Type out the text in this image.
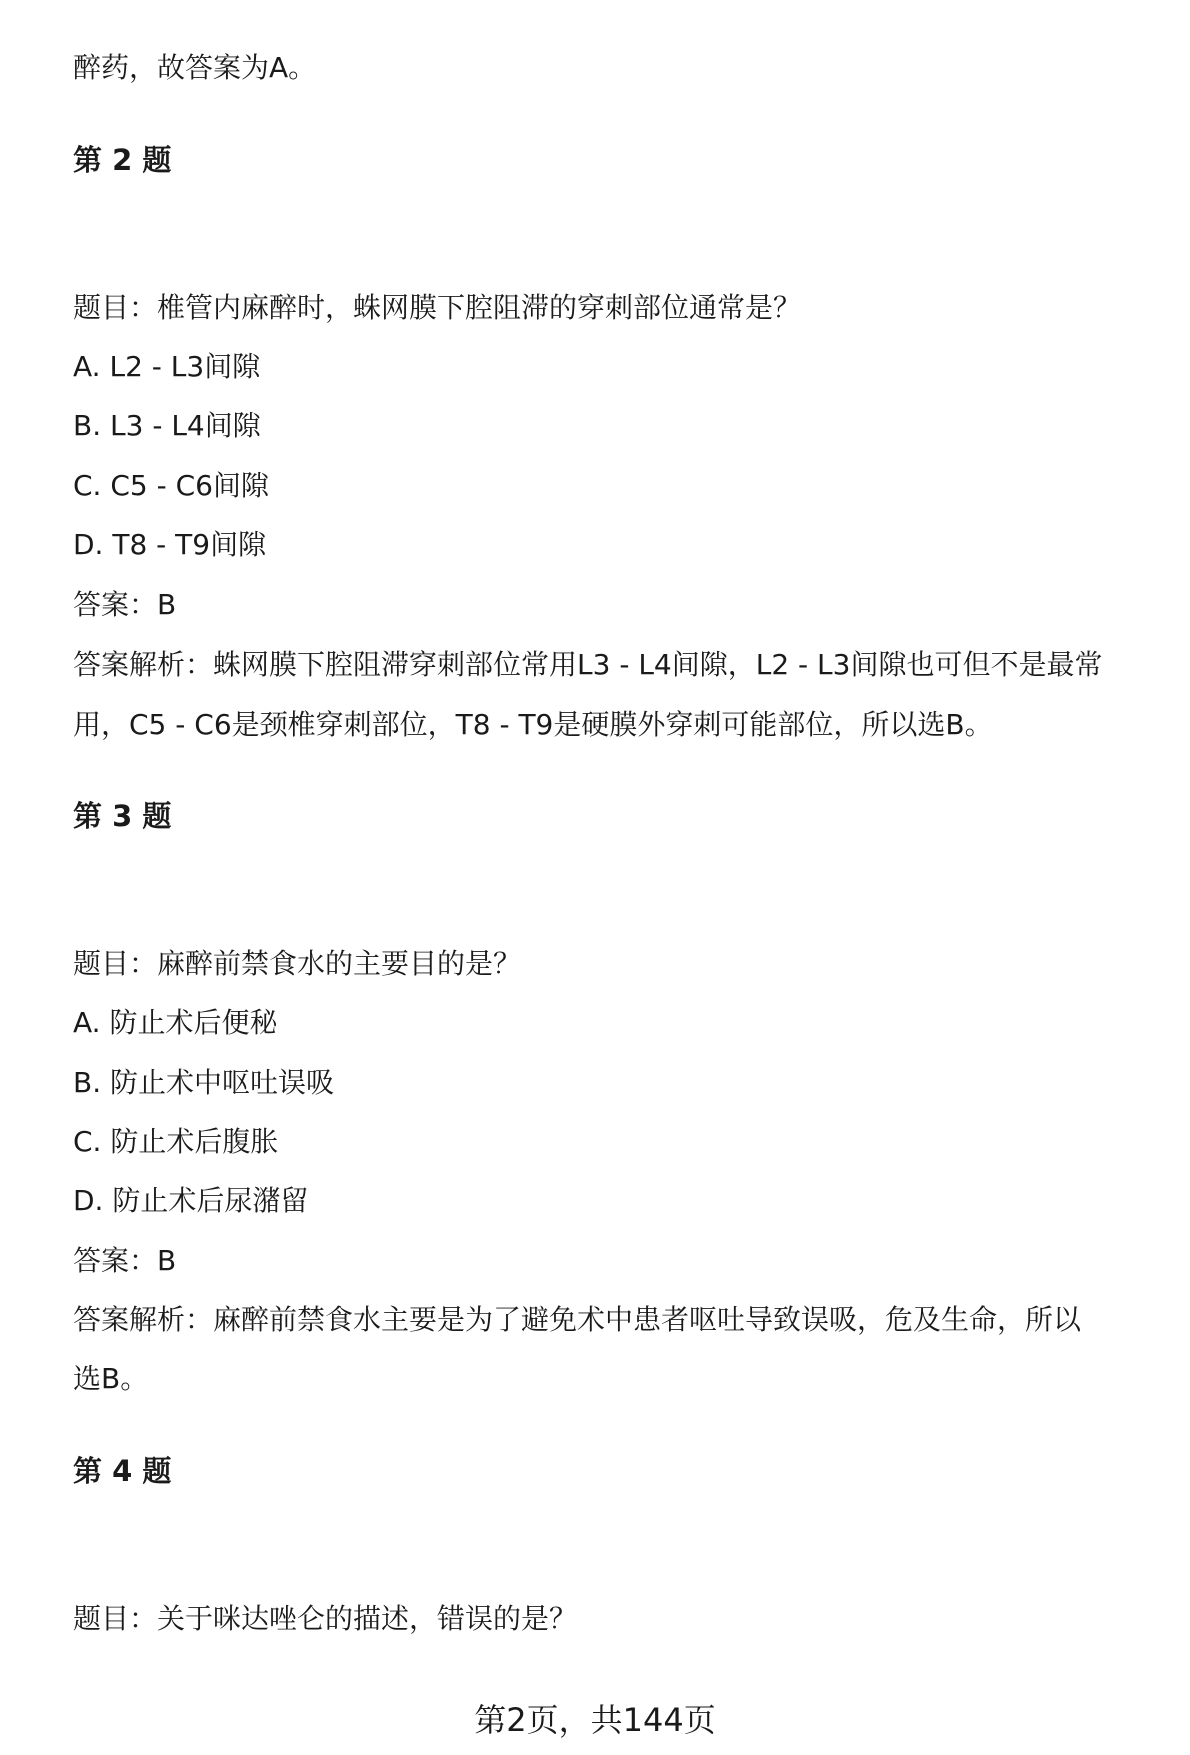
醉药，故答案为A。
第 2 题
题目：椎管内麻醉时，蛛网膜下腔阻滞的穿刺部位通常是？
A. L2 - L3间隙
B. L3 - L4间隙
C. C5 - C6间隙
D. T8 - T9间隙
答案：B
答案解析：蛛网膜下腔阻滞穿刺部位常用L3 - L4间隙，L2 - L3间隙也可但不是最常
用，C5 - C6是颈椎穿刺部位，T8 - T9是硬膜外穿刺可能部位，所以选B。
第 3 题
题目：麻醉前禁食水的主要目的是？
A. 防止术后便秘
B. 防止术中呕吐误吸
C. 防止术后腹胀
D. 防止术后尿潴留
答案：B
答案解析：麻醉前禁食水主要是为了避免术中患者呕吐导致误吸，危及生命，所以
选B。
第 4 题
题目：关于咪达唑仑的描述，错误的是？
第2页，共144页
